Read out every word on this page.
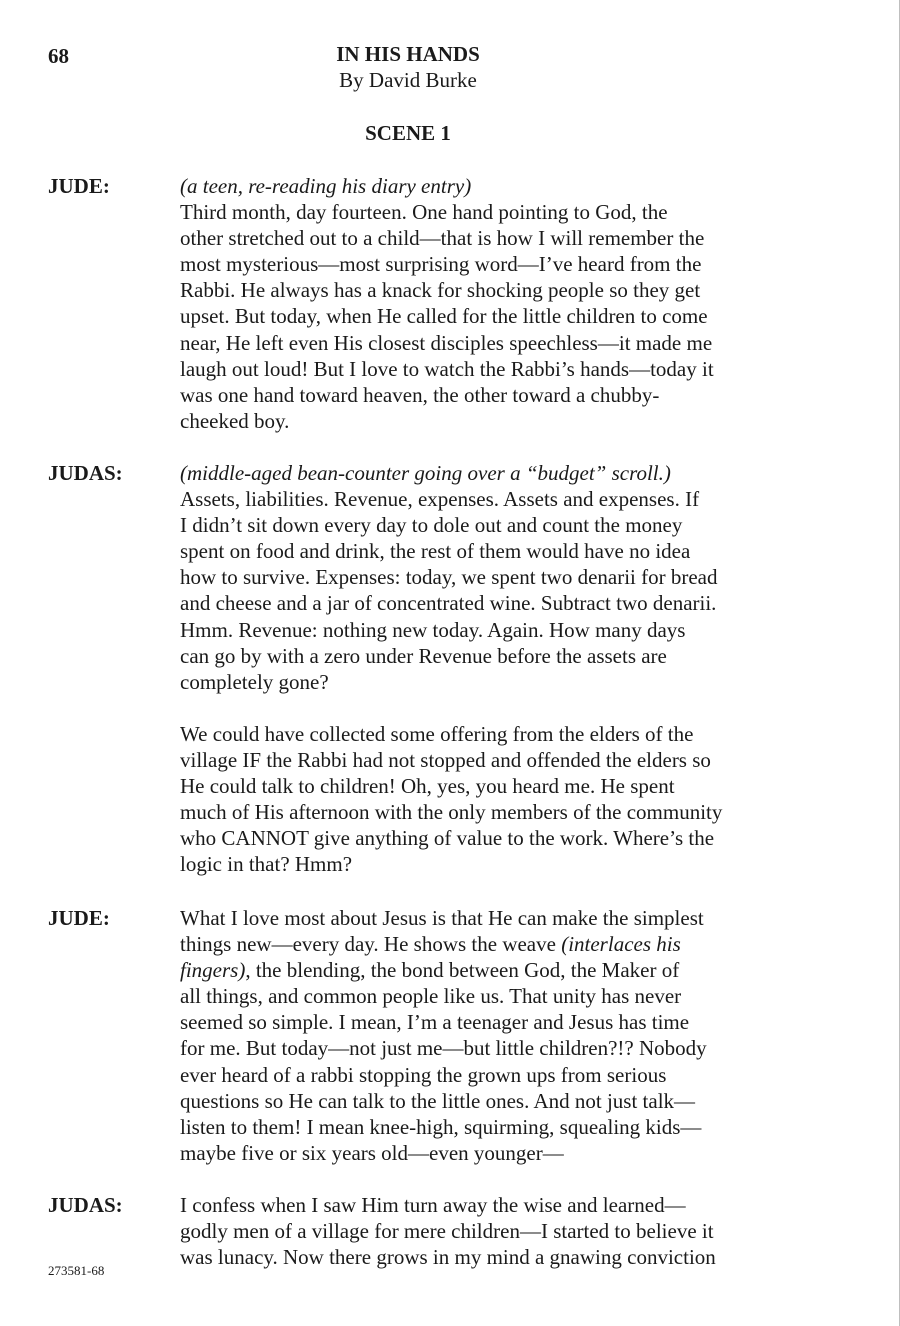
68	IN HIS HANDS
By David Burke
SCENE 1
JUDE:	(a teen, re-reading his diary entry)
Third month, day fourteen. One hand pointing to God, the
other stretched out to a child—that is how I will remember the
most mysterious—most surprising word—I’ve heard from the
Rabbi. He always has a knack for shocking people so they get
upset. But today, when He called for the little children to come
near, He left even His closest disciples speechless—it made me
laugh out loud! But I love to watch the Rabbi’s hands—today it
was one hand toward heaven, the other toward a chubby-
cheeked boy.
JUDAS:	(middle-aged bean-counter going over a “budget” scroll.)
Assets, liabilities. Revenue, expenses. Assets and expenses. If
I didn’t sit down every day to dole out and count the money
spent on food and drink, the rest of them would have no idea
how to survive. Expenses: today, we spent two denarii for bread
and cheese and a jar of concentrated wine. Subtract two denarii.
Hmm. Revenue: nothing new today. Again. How many days
can go by with a zero under Revenue before the assets are
completely gone?
We could have collected some offering from the elders of the
village IF the Rabbi had not stopped and offended the elders so
He could talk to children! Oh, yes, you heard me. He spent
much of His afternoon with the only members of the community
who CANNOT give anything of value to the work. Where’s the
logic in that? Hmm?
JUDE:	What I love most about Jesus is that He can make the simplest
things new—every day. He shows the weave (interlaces his
fingers), the blending, the bond between God, the Maker of
all things, and common people like us. That unity has never
seemed so simple. I mean, I’m a teenager and Jesus has time
for me. But today—not just me—but little children?!? Nobody
ever heard of a rabbi stopping the grown ups from serious
questions so He can talk to the little ones. And not just talk—
listen to them! I mean knee-high, squirming, squealing kids—
maybe five or six years old—even younger—
JUDAS:	I confess when I saw Him turn away the wise and learned—
godly men of a village for mere children—I started to believe it
was lunacy. Now there grows in my mind a gnawing conviction
273581-68
